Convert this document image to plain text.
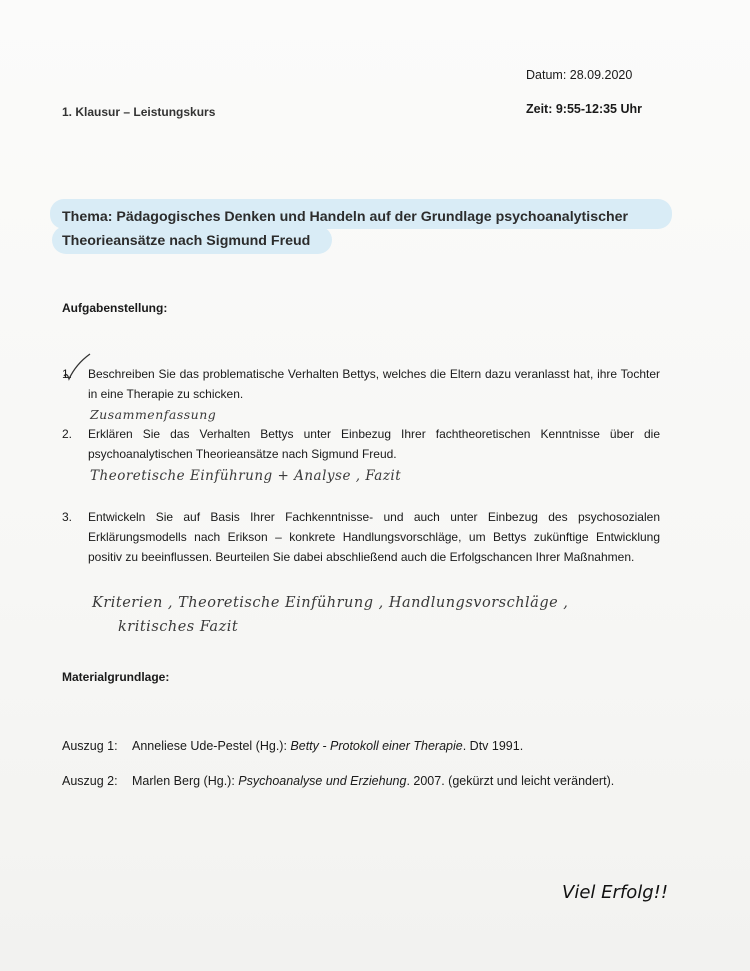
Datum: 28.09.2020
1. Klausur – Leistungskurs	Zeit: 9:55-12:35 Uhr
Thema: Pädagogisches Denken und Handeln auf der Grundlage psychoanalytischer Theorieansätze nach Sigmund Freud
Aufgabenstellung:
1.	Beschreiben Sie das problematische Verhalten Bettys, welches die Eltern dazu veranlasst hat, ihre Tochter in eine Therapie zu schicken.
Zusammenfassung
2.	Erklären Sie das Verhalten Bettys unter Einbezug Ihrer fachtheoretischen Kenntnisse über die psychoanalytischen Theorieansätze nach Sigmund Freud.
Theoretische Einführung + Analyse , Fazit
3.	Entwickeln Sie auf Basis Ihrer Fachkenntnisse- und auch unter Einbezug des psychosozialen Erklärungsmodells nach Erikson – konkrete Handlungsvorschläge, um Bettys zukünftige Entwicklung positiv zu beeinflussen. Beurteilen Sie dabei abschließend auch die Erfolgschancen Ihrer Maßnahmen.
Kriterien , Theoretische Einführung , Handlungsvorschläge ,
kritisches Fazit
Materialgrundlage:
Auszug 1: Anneliese Ude-Pestel (Hg.): Betty - Protokoll einer Therapie. Dtv 1991.
Auszug 2: Marlen Berg (Hg.): Psychoanalyse und Erziehung. 2007. (gekürzt und leicht verändert).
Viel Erfolg!!
